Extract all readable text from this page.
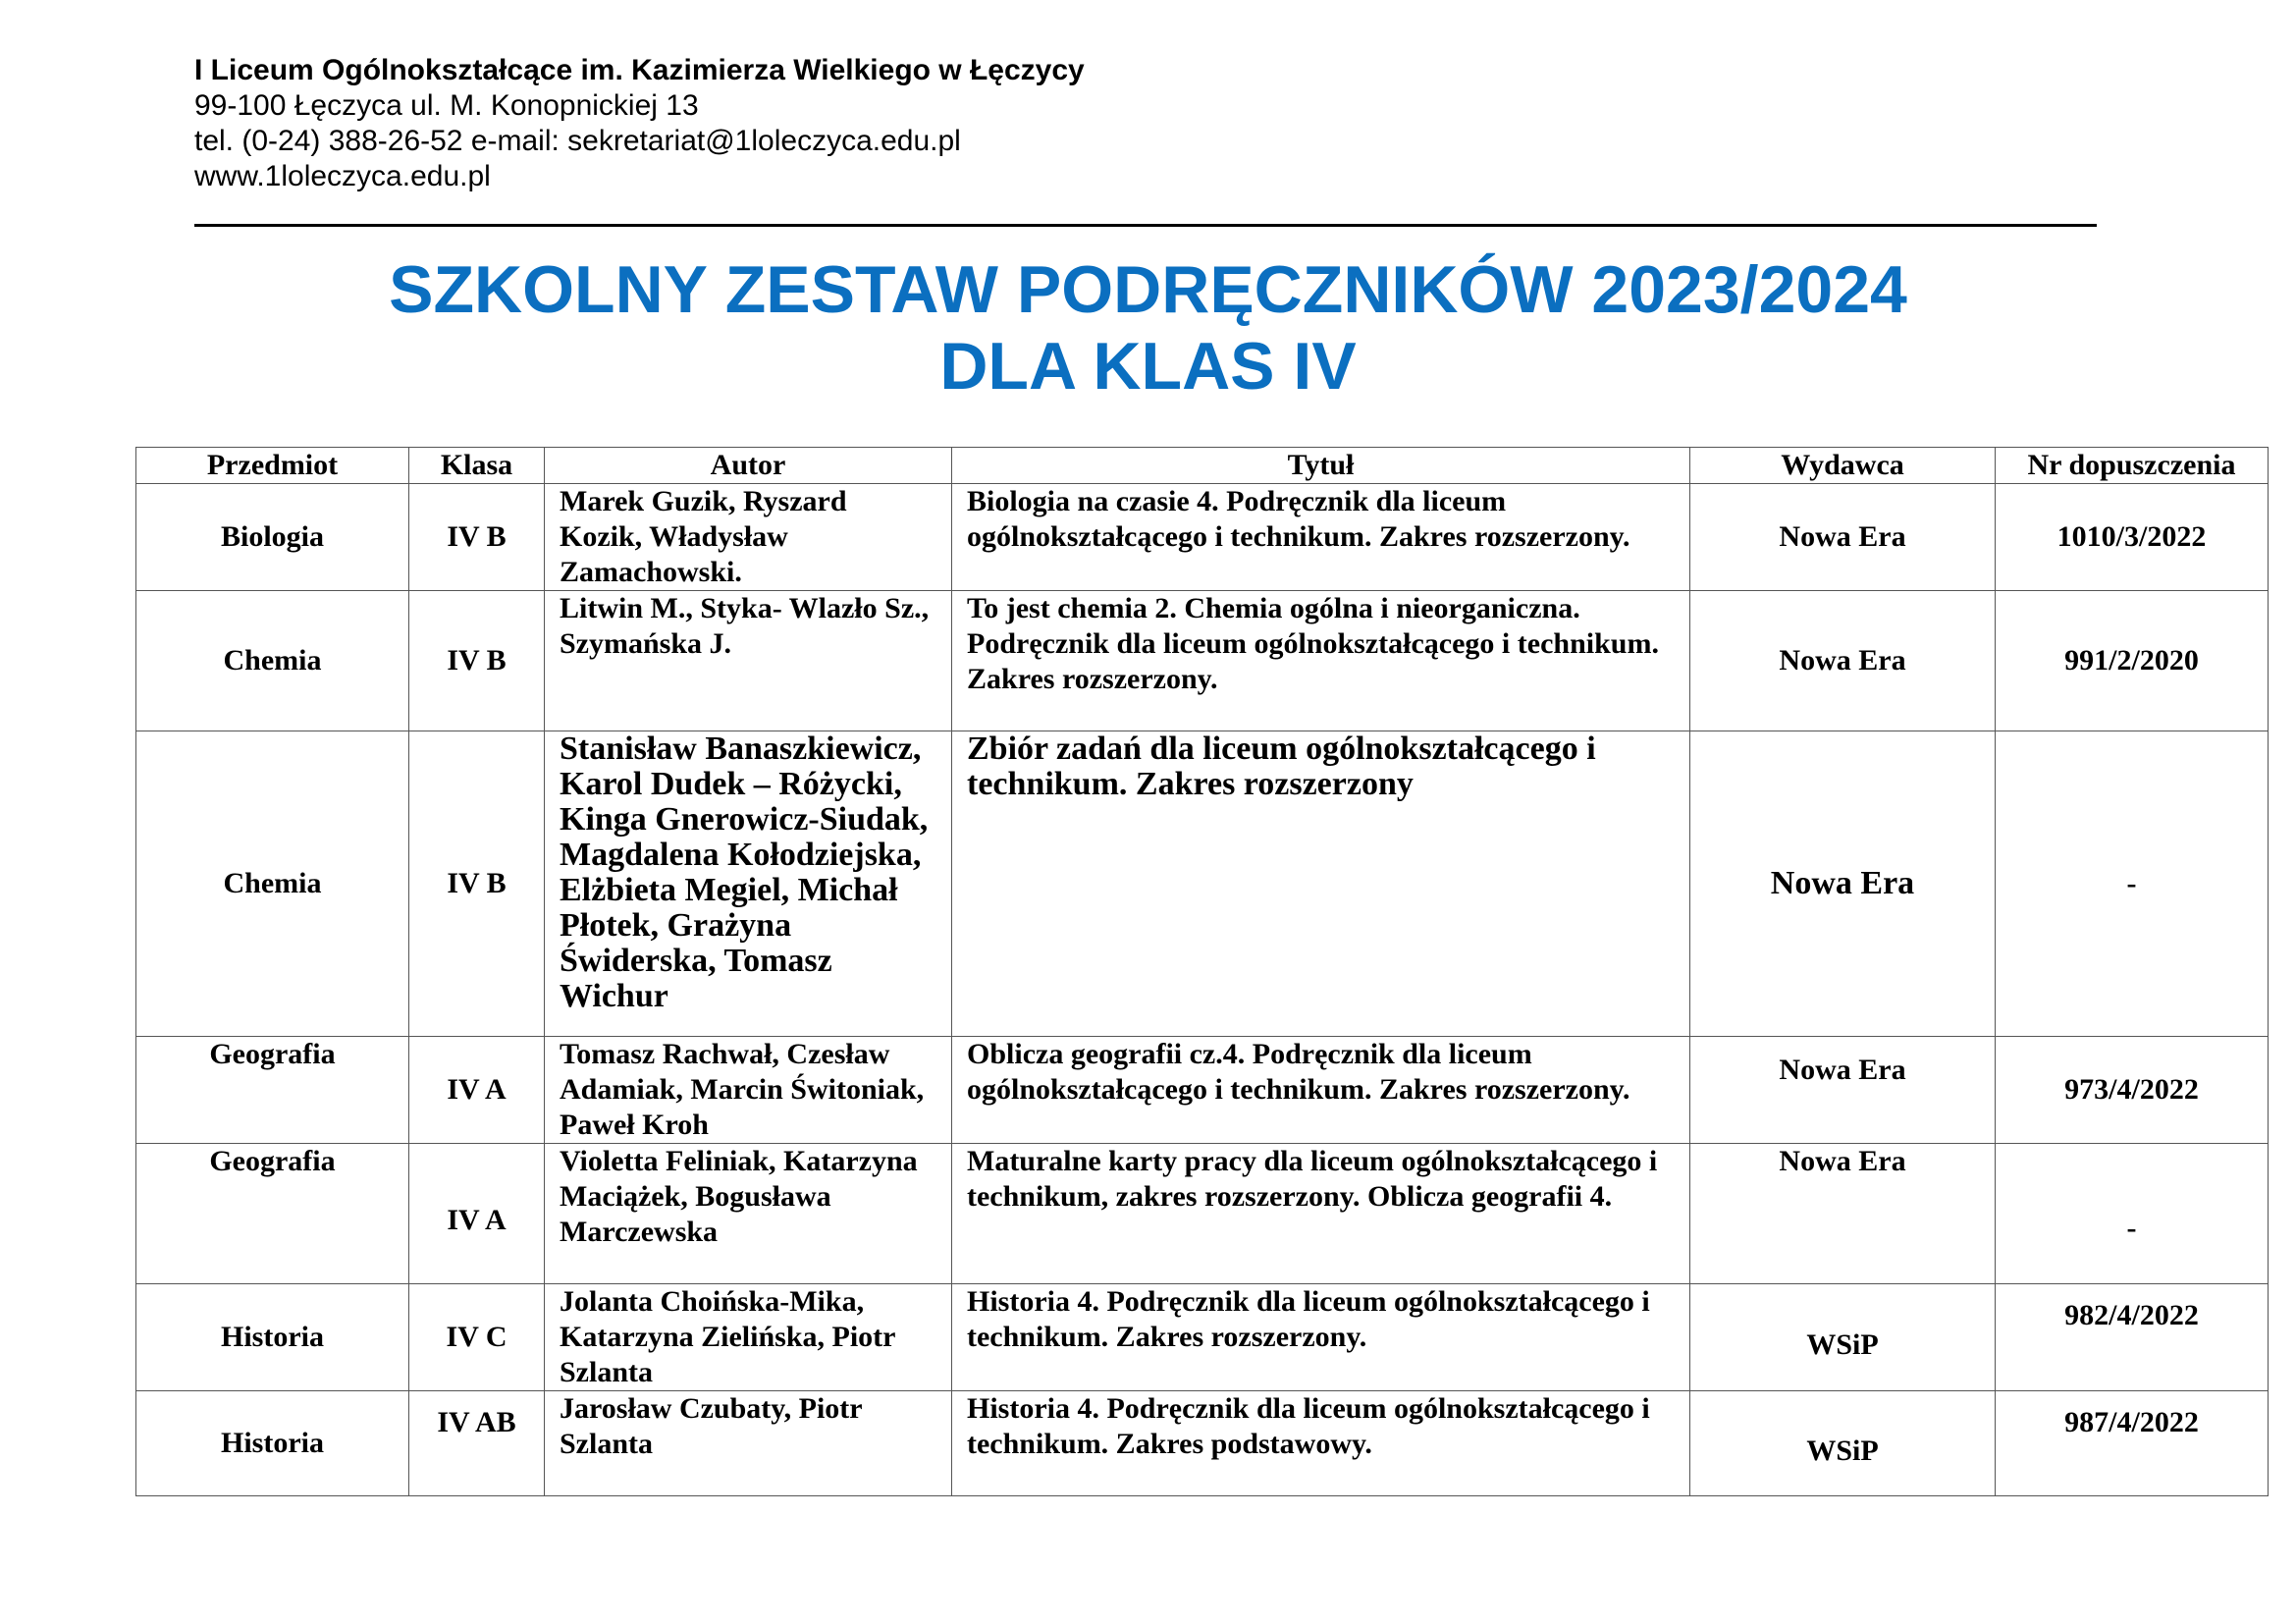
I Liceum Ogólnokształcące im. Kazimierza Wielkiego w Łęczycy
99-100 Łęczyca ul. M. Konopnickiej 13
tel. (0-24) 388-26-52 e-mail: sekretariat@1loleczyca.edu.pl
www.1loleczyca.edu.pl
SZKOLNY ZESTAW PODRĘCZNIKÓW 2023/2024
DLA KLAS IV
Przedmiot	Klasa	Autor	Tytuł	Wydawca	Nr dopuszczenia
Biologia	IV B	Marek Guzik, Ryszard Kozik, Władysław Zamachowski.	Biologia na czasie 4. Podręcznik dla liceum ogólnokształcącego i technikum. Zakres rozszerzony.	Nowa Era	1010/3/2022
Chemia	IV B	Litwin M., Styka- Wlazło Sz., Szymańska J.	To jest chemia 2. Chemia ogólna i nieorganiczna. Podręcznik dla liceum ogólnokształcącego i technikum. Zakres rozszerzony.	Nowa Era	991/2/2020
Chemia	IV B	Stanisław Banaszkiewicz, Karol Dudek – Różycki, Kinga Gnerowicz-Siudak, Magdalena Kołodziejska, Elżbieta Megiel, Michał Płotek, Grażyna Świderska, Tomasz Wichur	Zbiór zadań dla liceum ogólnokształcącego i technikum. Zakres rozszerzony	Nowa Era	-
Geografia	IV A	Tomasz Rachwał, Czesław Adamiak, Marcin Świtoniak, Paweł Kroh	Oblicza geografii cz.4. Podręcznik dla liceum ogólnokształcącego i technikum. Zakres rozszerzony.	Nowa Era	973/4/2022
Geografia	IV A	Violetta Feliniak, Katarzyna Maciążek, Bogusława Marczewska	Maturalne karty pracy dla liceum ogólnokształcącego i technikum, zakres rozszerzony. Oblicza geografii 4.	Nowa Era	-
Historia	IV C	Jolanta Choińska-Mika, Katarzyna Zielińska, Piotr Szlanta	Historia 4. Podręcznik dla liceum ogólnokształcącego i technikum. Zakres rozszerzony.	WSiP	982/4/2022
Historia	IV AB	Jarosław Czubaty, Piotr Szlanta	Historia 4. Podręcznik dla liceum ogólnokształcącego i technikum. Zakres podstawowy.	WSiP	987/4/2022
